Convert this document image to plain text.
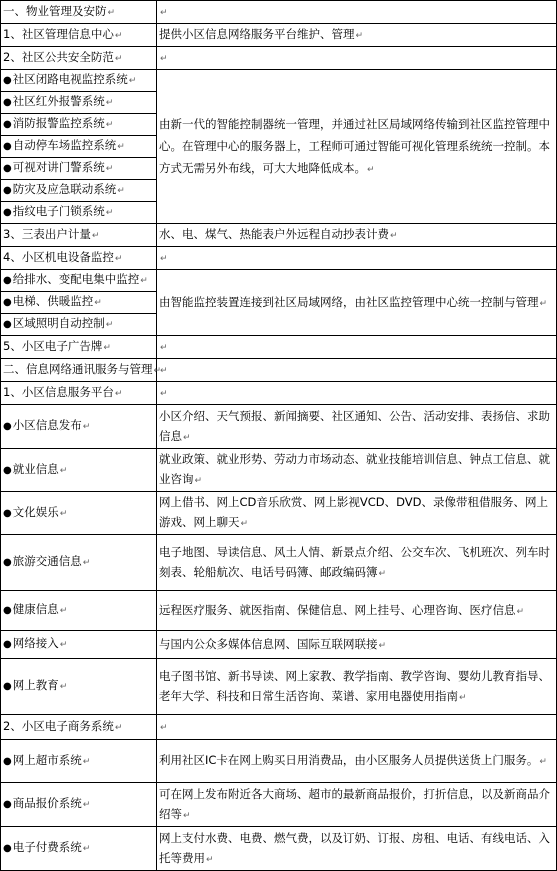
一、物业管理及安防↵	↵
1、社区管理信息中心↵	提供小区信息网络服务平台维护、管理↵
2、社区公共安全防范↵	↵
●社区闭路电视监控系统↵	由新一代的智能控制器统一管理，并通过社区局域网络传输到社区监控管理中心。在管理中心的服务器上，工程师可通过智能可视化管理系统统一控制。本方式无需另外布线，可大大地降低成本。↵
●社区红外报警系统↵	
●消防报警监控系统↵	
●自动停车场监控系统↵	
●可视对讲门警系统↵	
●防灾及应急联动系统↵	
●指纹电子门锁系统↵	
3、三表出户计量↵	水、电、煤气、热能表户外远程自动抄表计费↵
4、小区机电设备监控↵	↵
●给排水、变配电集中监控↵	由智能监控装置连接到社区局域网络，由社区监控管理中心统一控制与管理↵
●电梯、供暖监控↵	
●区域照明自动控制↵	
5、小区电子广告牌↵	↵
二、信息网络通讯服务与管理↵	↵
1、小区信息服务平台↵	↵
●小区信息发布↵	小区介绍、天气预报、新闻摘要、社区通知、公告、活动安排、表扬信、求助信息↵
●就业信息↵	就业政策、就业形势、劳动力市场动态、就业技能培训信息、钟点工信息、就业咨询↵
●文化娱乐↵	网上借书、网上CD音乐欣赏、网上影视VCD、DVD、录像带租借服务、网上游戏、网上聊天↵
●旅游交通信息↵	电子地图、导读信息、风土人情、新景点介绍、公交车次、飞机班次、列车时刻表、轮船航次、电话号码簿、邮政编码簿↵
●健康信息↵	远程医疗服务、就医指南、保健信息、网上挂号、心理咨询、医疗信息↵
●网络接入↵	与国内公众多媒体信息网、国际互联网联接↵
●网上教育↵	电子图书馆、新书导读、网上家教、教学指南、教学咨询、婴幼儿教育指导、老年大学、科技和日常生活咨询、菜谱、家用电器使用指南↵
2、小区电子商务系统↵	↵
●网上超市系统↵	利用社区IC卡在网上购买日用消费品，由小区服务人员提供送货上门服务。↵
●商品报价系统↵	可在网上发布附近各大商场、超市的最新商品报价，打折信息，以及新商品介绍等↵
●电子付费系统↵	网上支付水费、电费、燃气费，以及订奶、订报、房租、电话、有线电话、入托等费用↵
